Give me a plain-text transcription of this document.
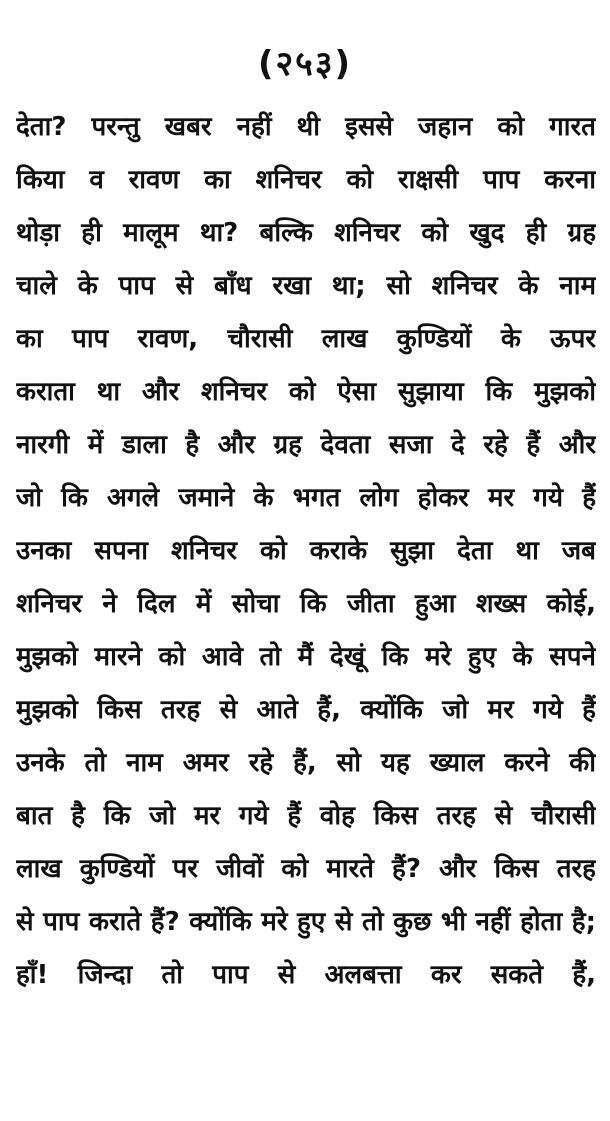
(२५३)
देता? परन्तु खबर नहीं थी इससे जहान को गारत
किया व रावण का शनिचर को राक्षसी पाप करना
थोड़ा ही मालूम था? बल्कि शनिचर को खुद ही ग्रह
चाले के पाप से बाँध रखा था; सो शनिचर के नाम
का पाप रावण, चौरासी लाख कुण्डियों के ऊपर
कराता था और शनिचर को ऐसा सुझाया कि मुझको
नारगी में डाला है और ग्रह देवता सजा दे रहे हैं और
जो कि अगले जमाने के भगत लोग होकर मर गये हैं
उनका सपना शनिचर को कराके सुझा देता था जब
शनिचर ने दिल में सोचा कि जीता हुआ शख्स कोई,
मुझको मारने को आवे तो मैं देखूं कि मरे हुए के सपने
मुझको किस तरह से आते हैं, क्योंकि जो मर गये हैं
उनके तो नाम अमर रहे हैं, सो यह ख्याल करने की
बात है कि जो मर गये हैं वोह किस तरह से चौरासी
लाख कुण्डियों पर जीवों को मारते हैं? और किस तरह
से पाप कराते हैं? क्योंकि मरे हुए से तो कुछ भी नहीं होता है;
हाँ! जिन्दा तो पाप से अलबत्ता कर सकते हैं,
